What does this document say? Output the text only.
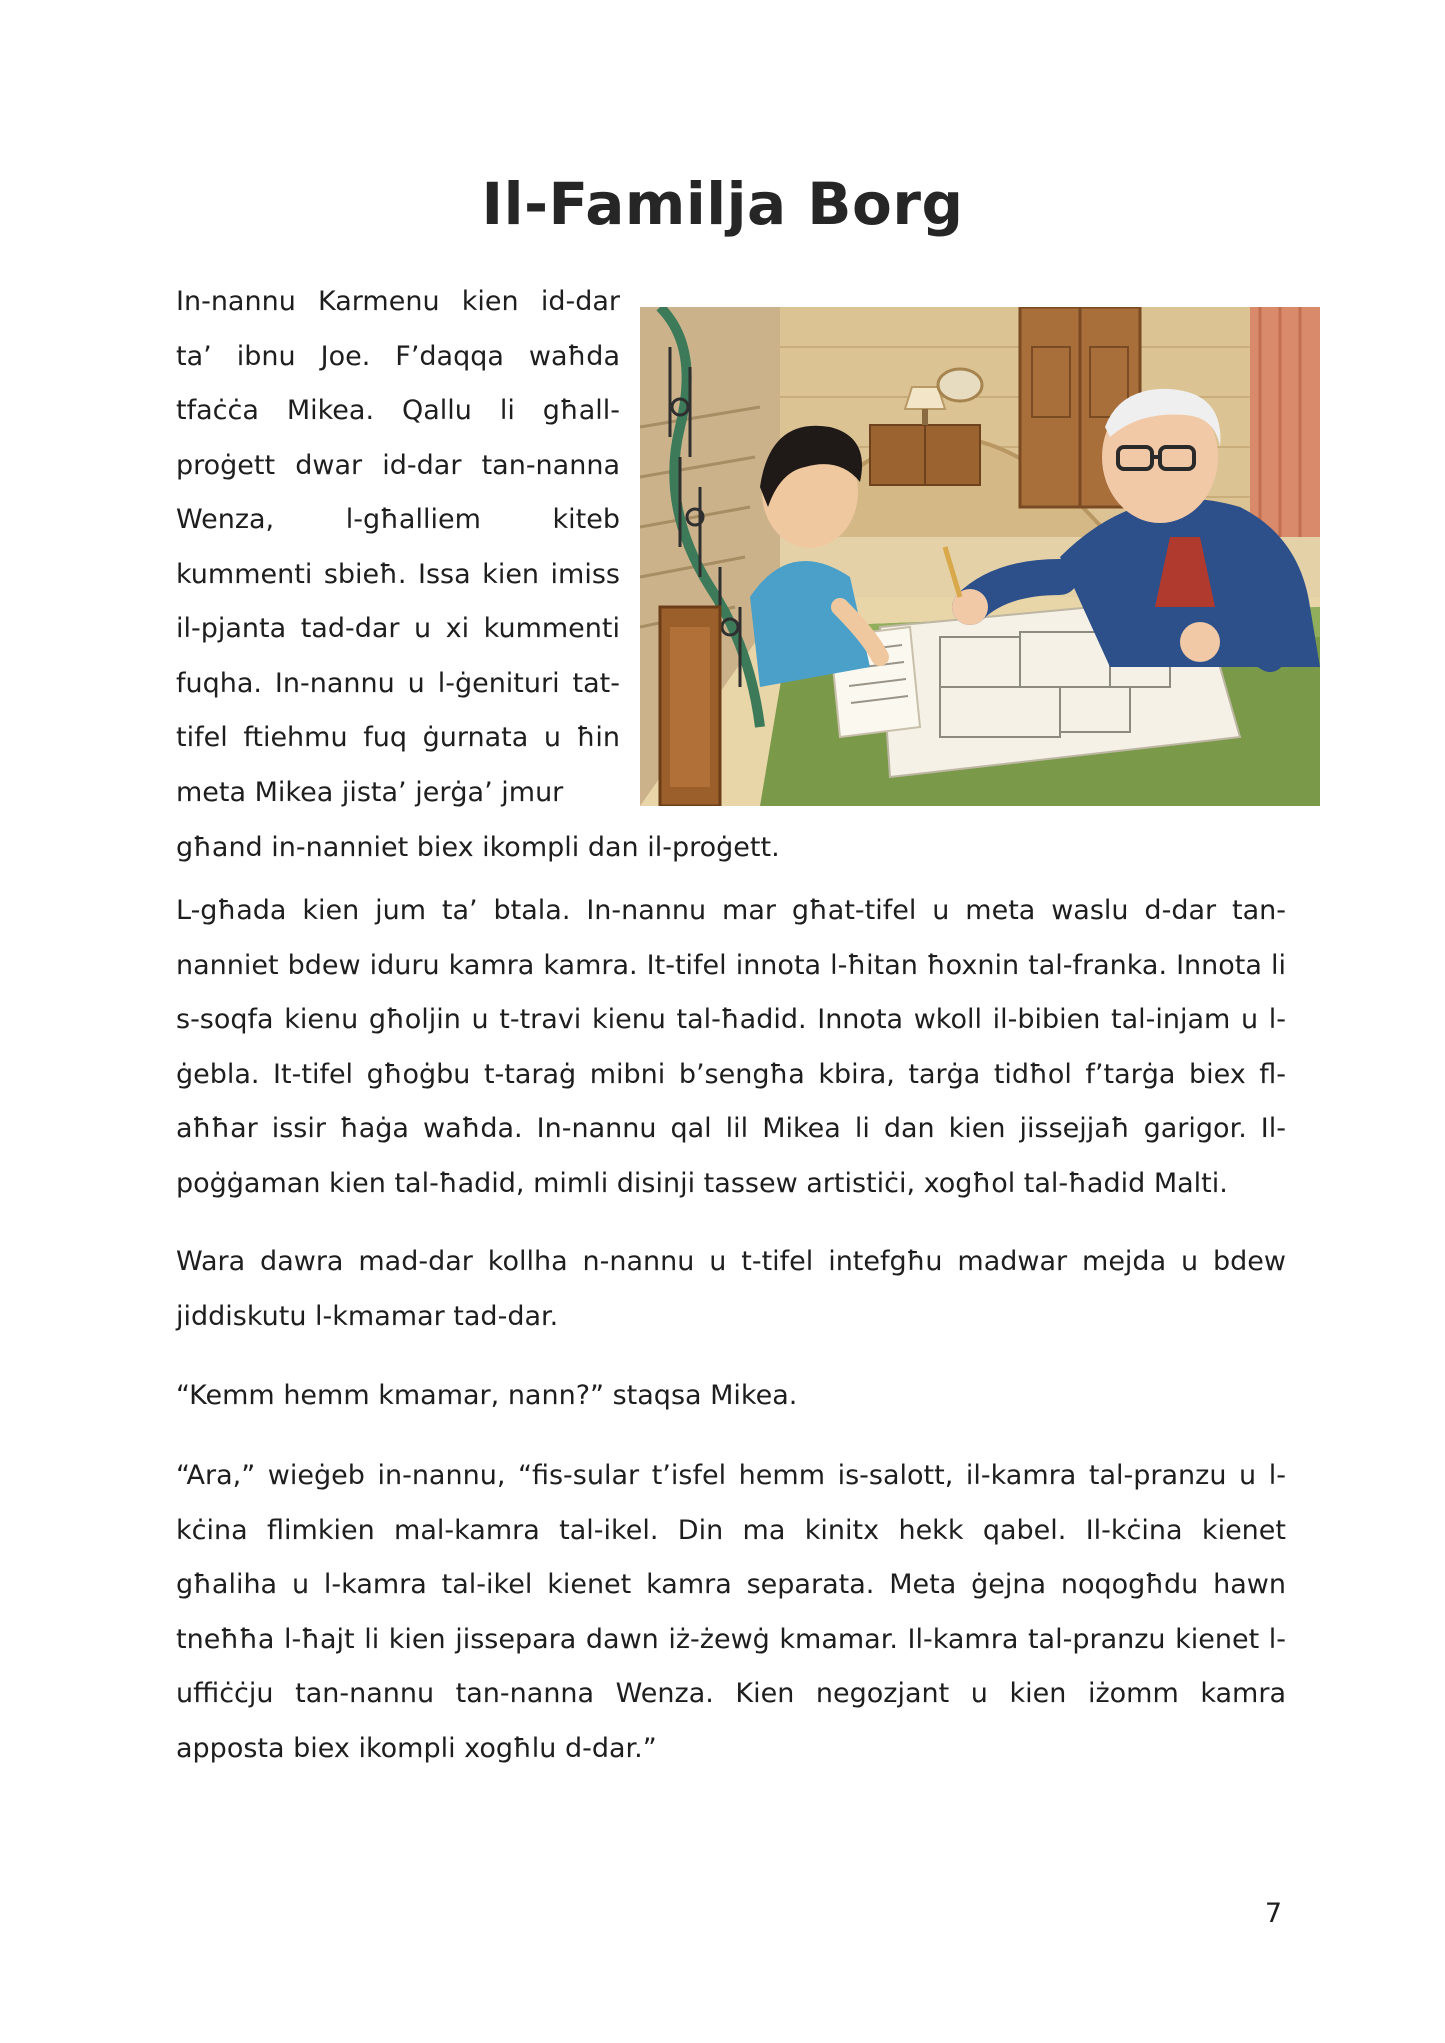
Il-Familja Borg

In-nannu Karmenu kien id-dar ta’ ibnu Joe. F’daqqa waħda tfaċċa Mikea. Qallu li għall-proġett dwar id-dar tan-nanna Wenza, l-għalliem kiteb kummenti sbieħ. Issa kien imiss il-pjanta tad-dar u xi kummenti fuqha. In-nannu u l-ġenituri tat-tifel ftiehmu fuq ġurnata u ħin meta Mikea jista’ jerġa’ jmur

għand in-nanniet biex ikompli dan il-proġett.

L-għada kien jum ta’ btala. In-nannu mar għat-tifel u meta waslu d-dar tan-nanniet bdew iduru kamra kamra. It-tifel innota l-ħitan ħoxnin tal-franka. Innota li s-soqfa kienu għoljin u t-travi kienu tal-ħadid. Innota wkoll il-bibien tal-injam u l-ġebla. It-tifel għoġbu t-taraġ mibni b’sengħa kbira, tarġa tidħol f’tarġa biex fl-aħħar issir ħaġa waħda. In-nannu qal lil Mikea li dan kien jissejjaħ garigor. Il-poġġaman kien tal-ħadid, mimli disinji tassew artistiċi, xogħol tal-ħadid Malti.

Wara dawra mad-dar kollha n-nannu u t-tifel intefgħu madwar mejda u bdew jiddiskutu l-kmamar tad-dar.

“Kemm hemm kmamar, nann?” staqsa Mikea.

“Ara,” wieġeb in-nannu, “fis-sular t’isfel hemm is-salott, il-kamra tal-pranzu u l-kċina flimkien mal-kamra tal-ikel. Din ma kinitx hekk qabel. Il-kċina kienet għaliha u l-kamra tal-ikel kienet kamra separata. Meta ġejna noqogħdu hawn tneħħa l-ħajt li kien jissepara dawn iż-żewġ kmamar. Il-kamra tal-pranzu kienet l-uffiċċju tan-nannu tan-nanna Wenza. Kien negozjant u kien iżomm kamra apposta biex ikompli xogħlu d-dar.”

7
